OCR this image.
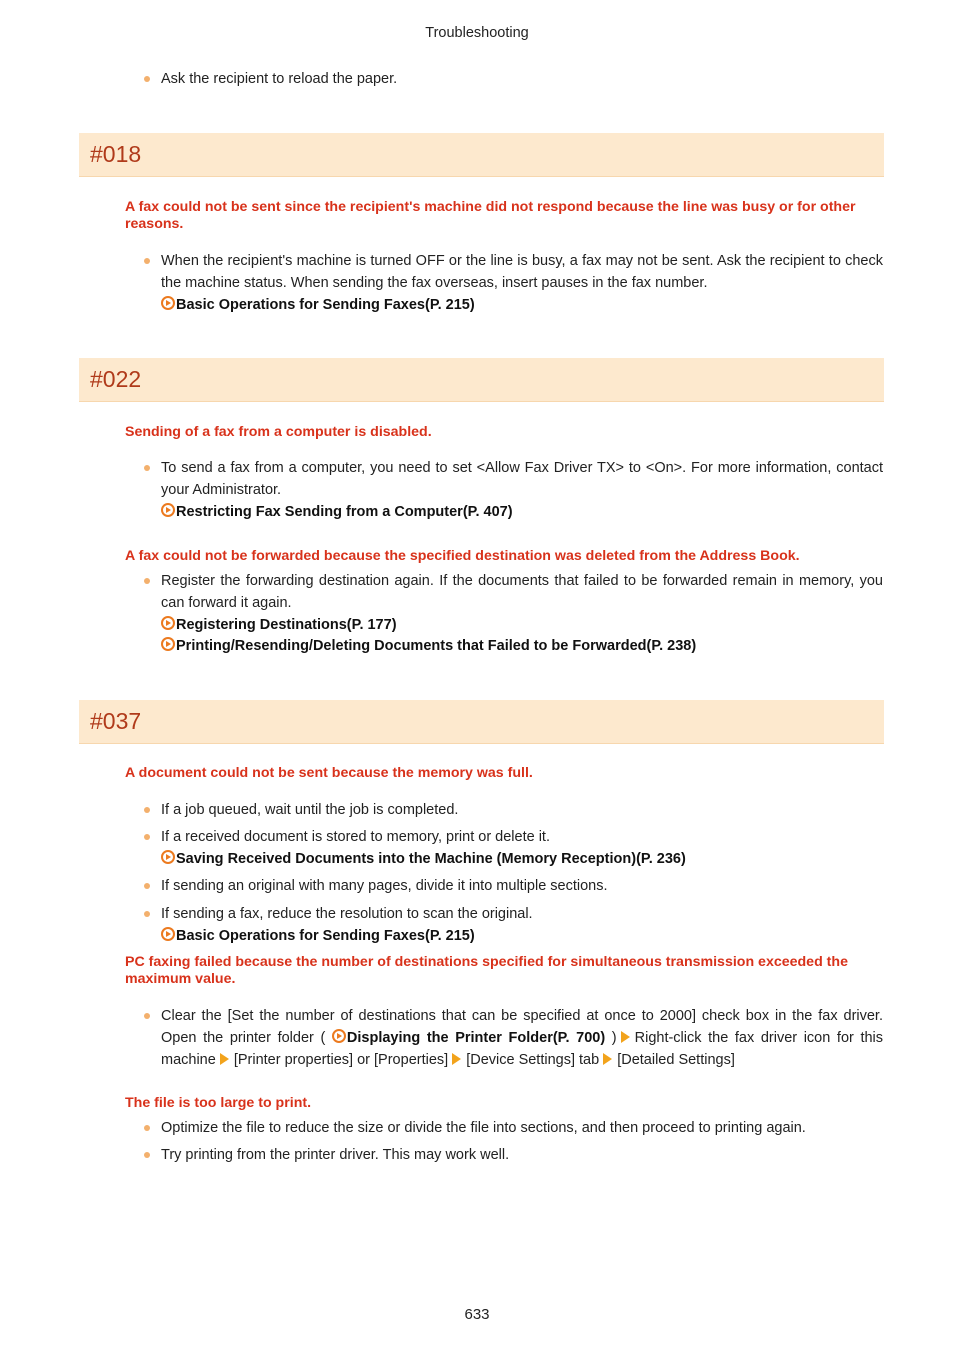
Troubleshooting
Ask the recipient to reload the paper.
#018
A fax could not be sent since the recipient's machine did not respond because the line was busy or for other reasons.
When the recipient's machine is turned OFF or the line is busy, a fax may not be sent. Ask the recipient to check the machine status. When sending the fax overseas, insert pauses in the fax number.
Basic Operations for Sending Faxes(P. 215)
#022
Sending of a fax from a computer is disabled.
To send a fax from a computer, you need to set <Allow Fax Driver TX> to <On>. For more information, contact your Administrator.
Restricting Fax Sending from a Computer(P. 407)
A fax could not be forwarded because the specified destination was deleted from the Address Book.
Register the forwarding destination again. If the documents that failed to be forwarded remain in memory, you can forward it again.
Registering Destinations(P. 177)
Printing/Resending/Deleting Documents that Failed to be Forwarded(P. 238)
#037
A document could not be sent because the memory was full.
If a job queued, wait until the job is completed.
If a received document is stored to memory, print or delete it.
Saving Received Documents into the Machine (Memory Reception)(P. 236)
If sending an original with many pages, divide it into multiple sections.
If sending a fax, reduce the resolution to scan the original.
Basic Operations for Sending Faxes(P. 215)
PC faxing failed because the number of destinations specified for simultaneous transmission exceeded the maximum value.
Clear the [Set the number of destinations that can be specified at once to 2000] check box in the fax driver. Open the printer folder ( Displaying the Printer Folder(P. 700) ) Right-click the fax driver icon for this machine [Printer properties] or [Properties] [Device Settings] tab [Detailed Settings]
The file is too large to print.
Optimize the file to reduce the size or divide the file into sections, and then proceed to printing again.
Try printing from the printer driver. This may work well.
633
